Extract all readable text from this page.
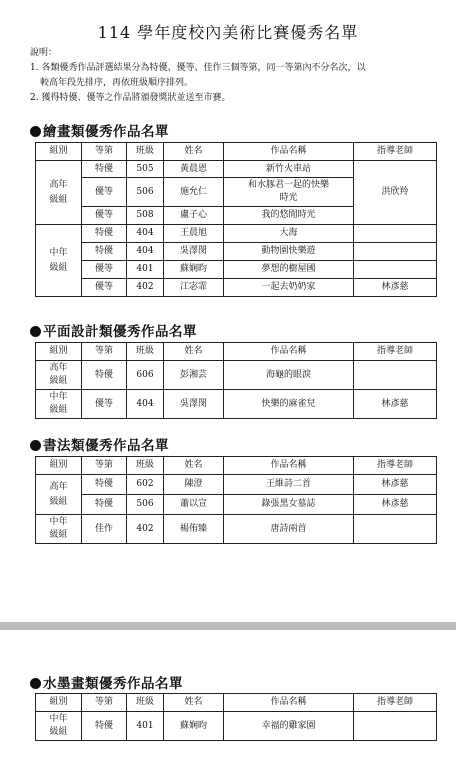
114 學年度校內美術比賽優秀名單
說明：
1. 各類優秀作品評選結果分為特優、優等、佳作三個等第，同一等第內不分名次，以
較高年段先排序，再依班級順序排列。
2. 獲得特優、優等之作品將頒發獎狀並送至市賽。
繪畫類優秀作品名單
組別	等第	班級	姓名	作品名稱	指導老師

高年級組	特優	505	黃晨恩	新竹火車站	洪欣羚
	優等	506	施允仁	和水豚君一起的快樂時光	

	優等	508	盧子心	我的悠閒時光	

中年級組	特優	404	王晨旭	大海	
	特優	404	吳澤閔	動物園快樂遊	
	優等	401	蘇娴昀	夢想的樹屋國	
	優等	402	江宓霏	一起去奶奶家	林彥慈
平面設計類優秀作品名單
組別	等第	班級	姓名	作品名稱	指導老師

高年級組	特優	606	彭湘芸	海龜的眼淚	

中年級組	優等	404	吳澤閔	快樂的麻雀兒	林彥慈
書法類優秀作品名單
組別	等第	班級	姓名	作品名稱	指導老師

高年級組	特優	602	陳澄	王維詩二首	林彥慈
	特優	506	蕭以宣	錄張黑女墓誌	林彥慈

中年級組	佳作	402	楊侑臻	唐詩兩首	
水墨畫類優秀作品名單
組別	等第	班級	姓名	作品名稱	指導老師

中年級組	特優	401	蘇娴昀	幸福的雞家園	
